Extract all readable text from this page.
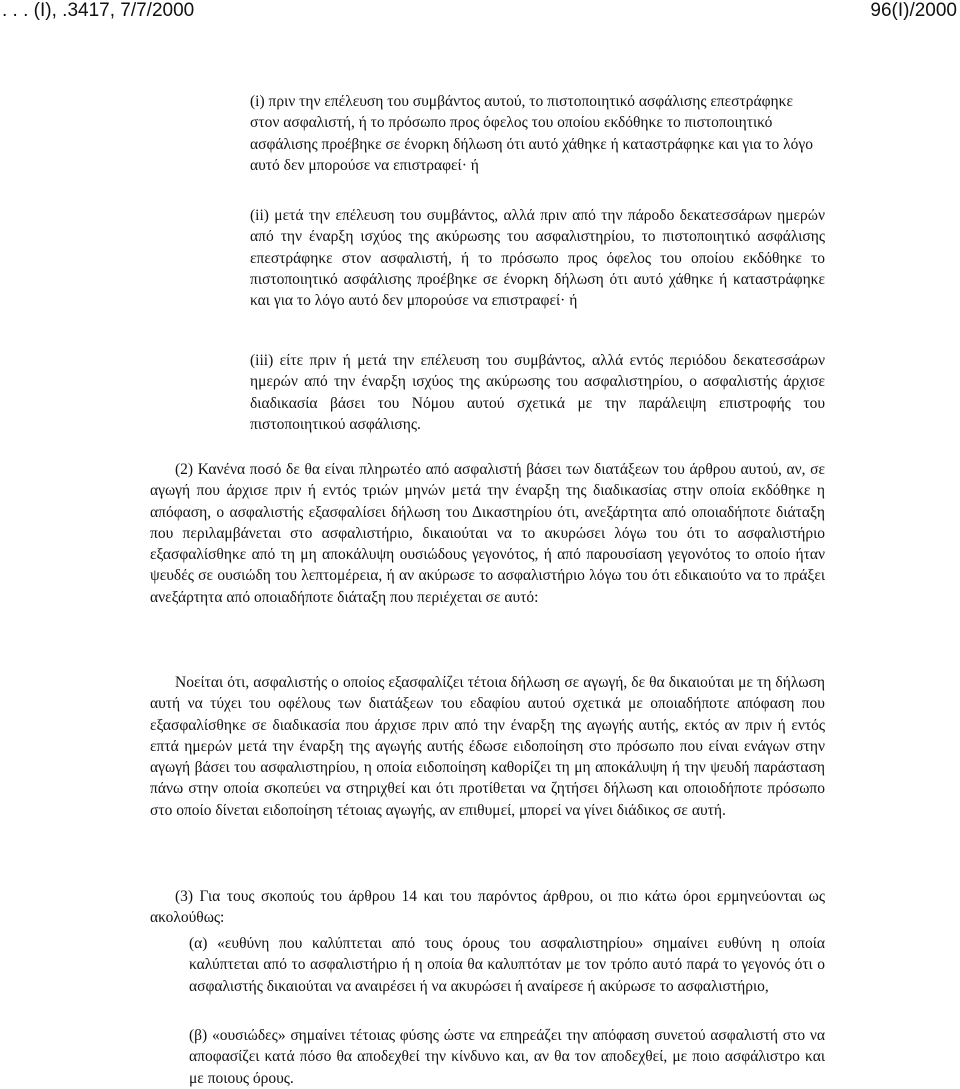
. . . (Ι), .3417, 7/7/2000	96(Ι)/2000

(i) πριν την επέλευση του συμβάντος αυτού, το πιστοποιητικό ασφάλισης επεστράφηκε στον ασφαλιστή, ή το πρόσωπο προς όφελος του οποίου εκδόθηκε το πιστοποιητικό ασφάλισης προέβηκε σε ένορκη δήλωση ότι αυτό χάθηκε ή καταστράφηκε και για το λόγο αυτό δεν μπορούσε να επιστραφεί· ή

(ii) μετά την επέλευση του συμβάντος, αλλά πριν από την πάροδο δεκατεσσάρων ημερών από την έναρξη ισχύος της ακύρωσης του ασφαλιστηρίου, το πιστοποιητικό ασφάλισης επεστράφηκε στον ασφαλιστή, ή το πρόσωπο προς όφελος του οποίου εκδόθηκε το πιστοποιητικό ασφάλισης προέβηκε σε ένορκη δήλωση ότι αυτό χάθηκε ή καταστράφηκε και για το λόγο αυτό δεν μπορούσε να επιστραφεί· ή

(iii) είτε πριν ή μετά την επέλευση του συμβάντος, αλλά εντός περιόδου δεκατεσσάρων ημερών από την έναρξη ισχύος της ακύρωσης του ασφαλιστηρίου, ο ασφαλιστής άρχισε διαδικασία βάσει του Νόμου αυτού σχετικά με την παράλειψη επιστροφής του πιστοποιητικού ασφάλισης.

(2) Κανένα ποσό δε θα είναι πληρωτέο από ασφαλιστή βάσει των διατάξεων του άρθρου αυτού, αν, σε αγωγή που άρχισε πριν ή εντός τριών μηνών μετά την έναρξη της διαδικασίας στην οποία εκδόθηκε η απόφαση, ο ασφαλιστής εξασφαλίσει δήλωση του Δικαστηρίου ότι, ανεξάρτητα από οποιαδήποτε διάταξη που περιλαμβάνεται στο ασφαλιστήριο, δικαιούται να το ακυρώσει λόγω του ότι το ασφαλιστήριο εξασφαλίσθηκε από τη μη αποκάλυψη ουσιώδους γεγονότος, ή από παρουσίαση γεγονότος το οποίο ήταν ψευδές σε ουσιώδη του λεπτομέρεια, ή αν ακύρωσε το ασφαλιστήριο λόγω του ότι εδικαιούτο να το πράξει ανεξάρτητα από οποιαδήποτε διάταξη που περιέχεται σε αυτό:

Νοείται ότι, ασφαλιστής ο οποίος εξασφαλίζει τέτοια δήλωση σε αγωγή, δε θα δικαιούται με τη δήλωση αυτή να τύχει του οφέλους των διατάξεων του εδαφίου αυτού σχετικά με οποιαδήποτε απόφαση που εξασφαλίσθηκε σε διαδικασία που άρχισε πριν από την έναρξη της αγωγής αυτής, εκτός αν πριν ή εντός επτά ημερών μετά την έναρξη της αγωγής αυτής έδωσε ειδοποίηση στο πρόσωπο που είναι ενάγων στην αγωγή βάσει του ασφαλιστηρίου, η οποία ειδοποίηση καθορίζει τη μη αποκάλυψη ή την ψευδή παράσταση πάνω στην οποία σκοπεύει να στηριχθεί και ότι προτίθεται να ζητήσει δήλωση και οποιοδήποτε πρόσωπο στο οποίο δίνεται ειδοποίηση τέτοιας αγωγής, αν επιθυμεί, μπορεί να γίνει διάδικος σε αυτή.

(3) Για τους σκοπούς του άρθρου 14 και του παρόντος άρθρου, οι πιο κάτω όροι ερμηνεύονται ως ακολούθως:

(α) «ευθύνη που καλύπτεται από τους όρους του ασφαλιστηρίου» σημαίνει ευθύνη η οποία καλύπτεται από το ασφαλιστήριο ή η οποία θα καλυπτόταν με τον τρόπο αυτό παρά το γεγονός ότι ο ασφαλιστής δικαιούται να αναιρέσει ή να ακυρώσει ή αναίρεσε ή ακύρωσε το ασφαλιστήριο,

(β) «ουσιώδες» σημαίνει τέτοιας φύσης ώστε να επηρεάζει την απόφαση συνετού ασφαλιστή στο να αποφασίζει κατά πόσο θα αποδεχθεί την κίνδυνο και, αν θα τον αποδεχθεί, με ποιο ασφάλιστρο και με ποιους όρους.
